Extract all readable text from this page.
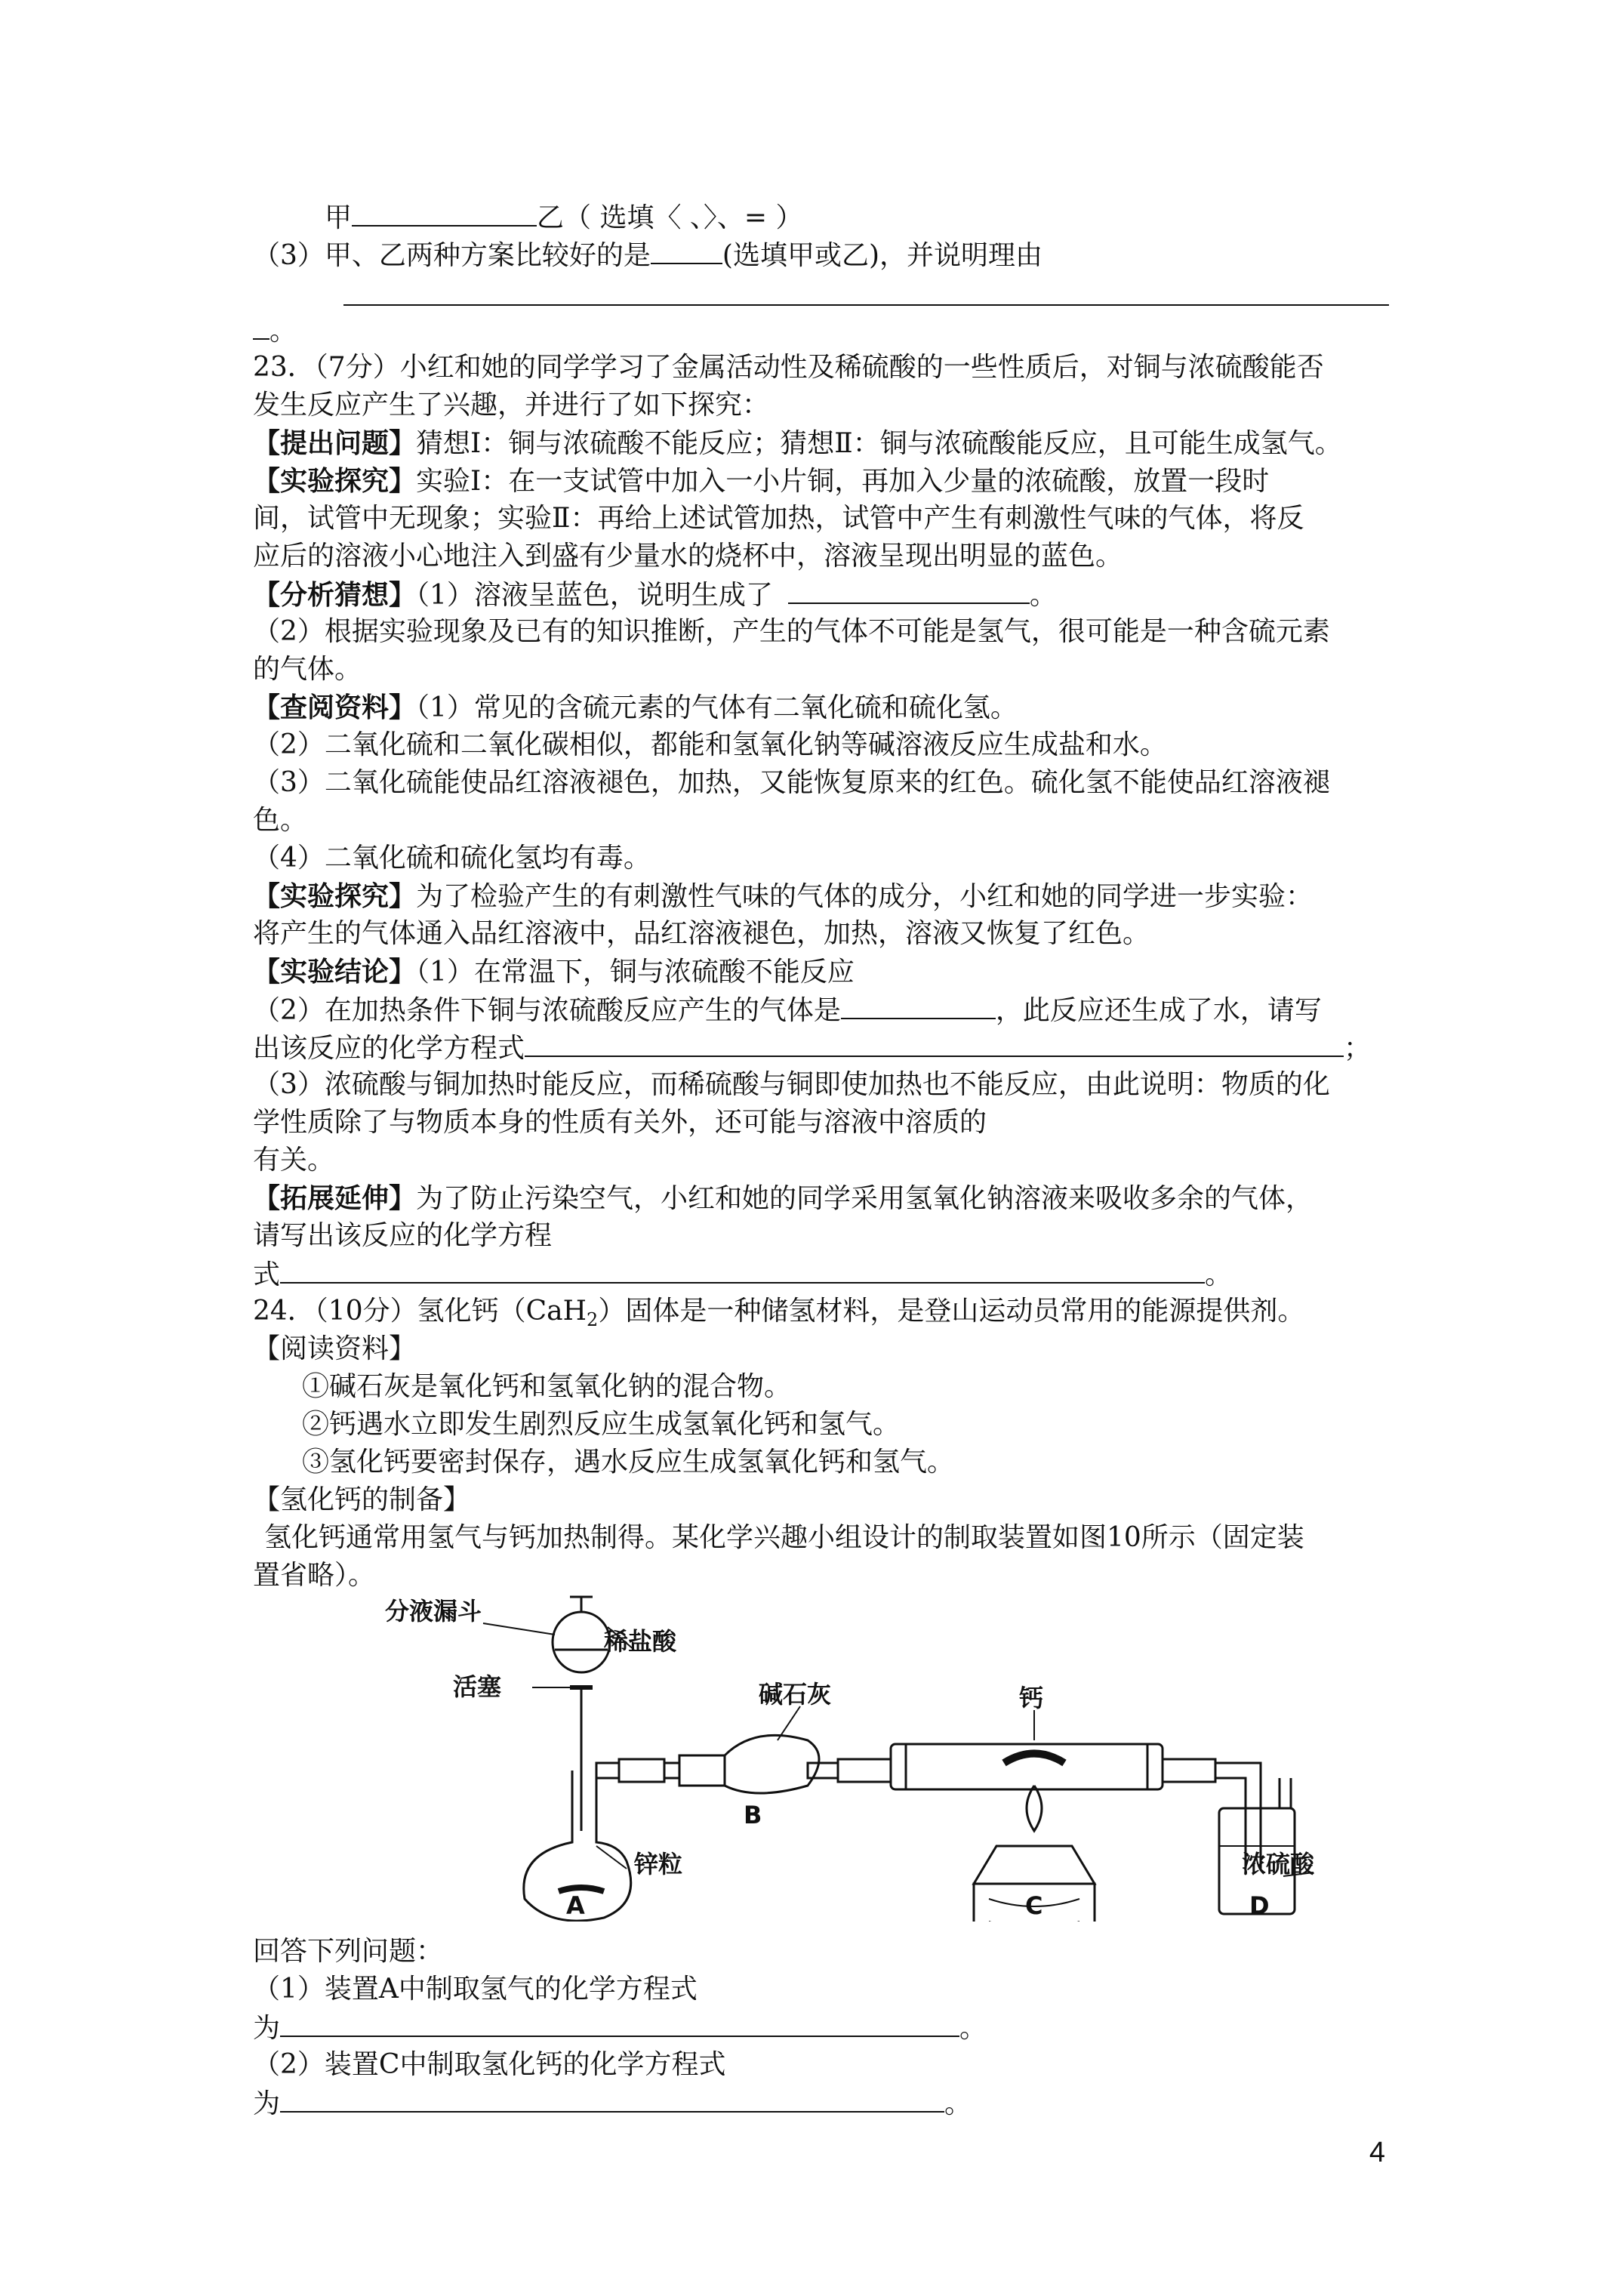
甲	乙（ 选填〈 、〉、= ）
（3）甲、乙两种方案比较好的是	(选填甲或乙)，并说明理由
。
23．（7分）小红和她的同学学习了金属活动性及稀硫酸的一些性质后，对铜与浓硫酸能否
发生反应产生了兴趣，并进行了如下探究：
【提出问题】猜想Ⅰ：铜与浓硫酸不能反应；猜想Ⅱ：铜与浓硫酸能反应，且可能生成氢气。
【实验探究】实验Ⅰ：在一支试管中加入一小片铜，再加入少量的浓硫酸，放置一段时
间，试管中无现象；实验Ⅱ：再给上述试管加热，试管中产生有刺激性气味的气体，将反
应后的溶液小心地注入到盛有少量水的烧杯中，溶液呈现出明显的蓝色。
【分析猜想】（1）溶液呈蓝色，说明生成了	。
（2）根据实验现象及已有的知识推断，产生的气体不可能是氢气，很可能是一种含硫元素
的气体。
【查阅资料】（1）常见的含硫元素的气体有二氧化硫和硫化氢。
（2）二氧化硫和二氧化碳相似，都能和氢氧化钠等碱溶液反应生成盐和水。
（3）二氧化硫能使品红溶液褪色，加热，又能恢复原来的红色。硫化氢不能使品红溶液褪
色。
（4）二氧化硫和硫化氢均有毒。
【实验探究】为了检验产生的有刺激性气味的气体的成分，小红和她的同学进一步实验：
将产生的气体通入品红溶液中，品红溶液褪色，加热，溶液又恢复了红色。
【实验结论】（1）在常温下，铜与浓硫酸不能反应
（2）在加热条件下铜与浓硫酸反应产生的气体是	，此反应还生成了水，请写
出该反应的化学方程式	；
（3）浓硫酸与铜加热时能反应，而稀硫酸与铜即使加热也不能反应，由此说明：物质的化
学性质除了与物质本身的性质有关外，还可能与溶液中溶质的
有关。
【拓展延伸】为了防止污染空气，小红和她的同学采用氢氧化钠溶液来吸收多余的气体，
请写出该反应的化学方程
式	。
24．（10分）氢化钙（CaH$_2$）固体是一种储氢材料，是登山运动员常用的能源提供剂。
【阅读资料】
①碱石灰是氧化钙和氢氧化钠的混合物。
②钙遇水立即发生剧烈反应生成氢氧化钙和氢气。
③氢化钙要密封保存，遇水反应生成氢氧化钙和氢气。
【氢化钙的制备】
氢化钙通常用氢气与钙加热制得。某化学兴趣小组设计的制取装置如图10所示（固定装
置省略）。
分液漏斗
稀盐酸
活塞	碱石灰	钙
锌粒	浓硫酸
A
B
C	D
回答下列问题：
（1）装置A中制取氢气的化学方程式
为	。
（2）装置C中制取氢化钙的化学方程式
为	。
4
